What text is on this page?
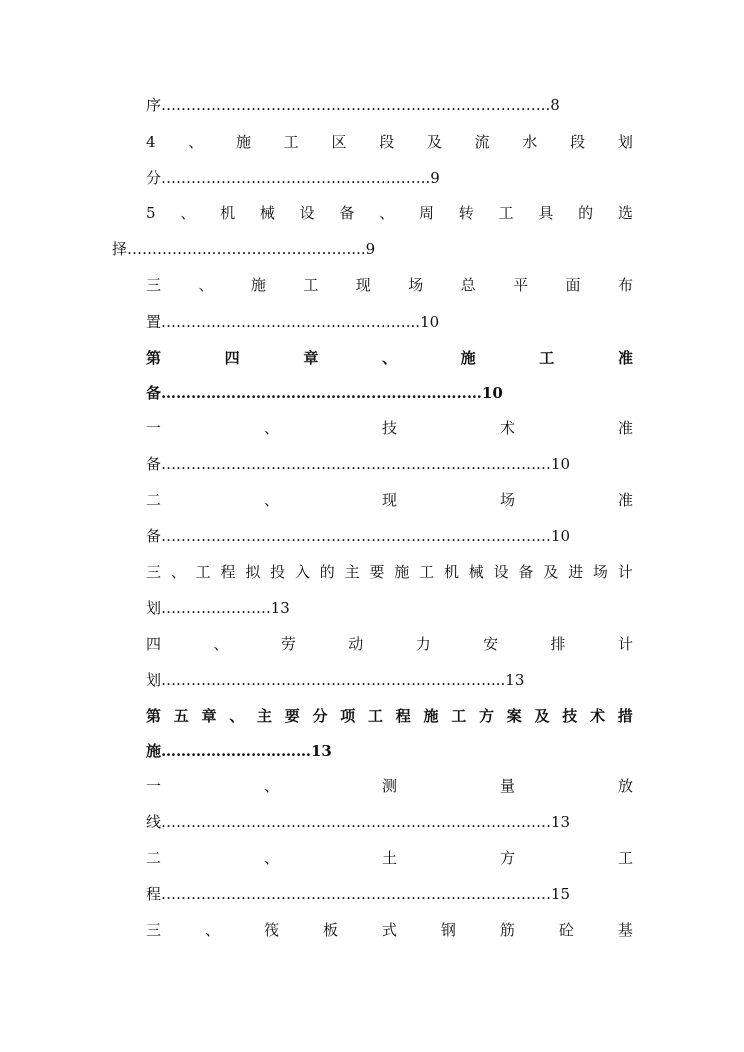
序…………………………………………………….……………..8
4 、 施 工 区 段 及 流 水 段 划
分……………………………….……………..9
5 、 机 械 设 备 、 周 转 工 具 的 选
择……………..………………………....9
三 、 施 工 现 场 总 平 面 布
置……………………………….…………...10
第	四	章	、	施	工	准
备……………………………………..……………..…10
一	、	技	术	准
备……………………………………………………………………10
二	、	现	场	准
备……………………………………………………………………10
三 、 工 程 拟 投 入 的 主 要 施 工 机 械 设 备 及 进 场 计
划………………….13
四	、	劳	动	力	安	排	计
划…………………………………………………………...13
第 五 章 、 主 要 分 项 工 程 施 工 方 案 及 技 术 措
施…………………………13
一	、	测	量	放
线……………………………………………………………………13
二	、	土	方	工
程……………………………………………………………………15
三	、	筏	板	式	钢	筋	砼	基
